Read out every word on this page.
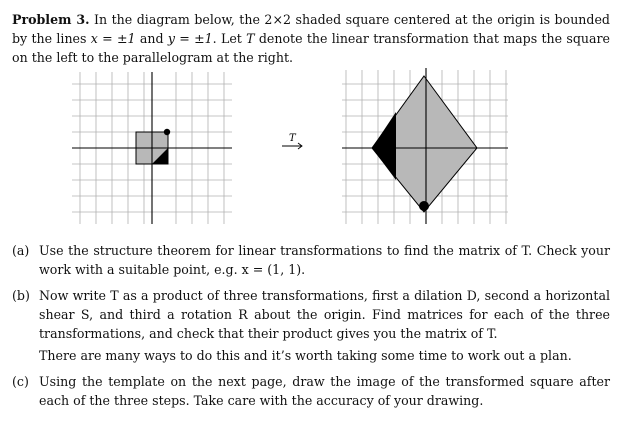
Problem 3. In the diagram below, the 2×2 shaded square centered at the origin is bounded by the lines x = ±1 and y = ±1. Let T denote the linear transformation that maps the square on the left to the parallelogram at the right.
T
(a) Use the structure theorem for linear transformations to find the matrix of T. Check your work with a suitable point, e.g. x = (1, 1).
(b) Now write T as a product of three transformations, first a dilation D, second a horizontal shear S, and third a rotation R about the origin. Find matrices for each of the three transformations, and check that their product gives you the matrix of T.
There are many ways to do this and it’s worth taking some time to work out a plan.
(c) Using the template on the next page, draw the image of the transformed square after each of the three steps. Take care with the accuracy of your drawing.
